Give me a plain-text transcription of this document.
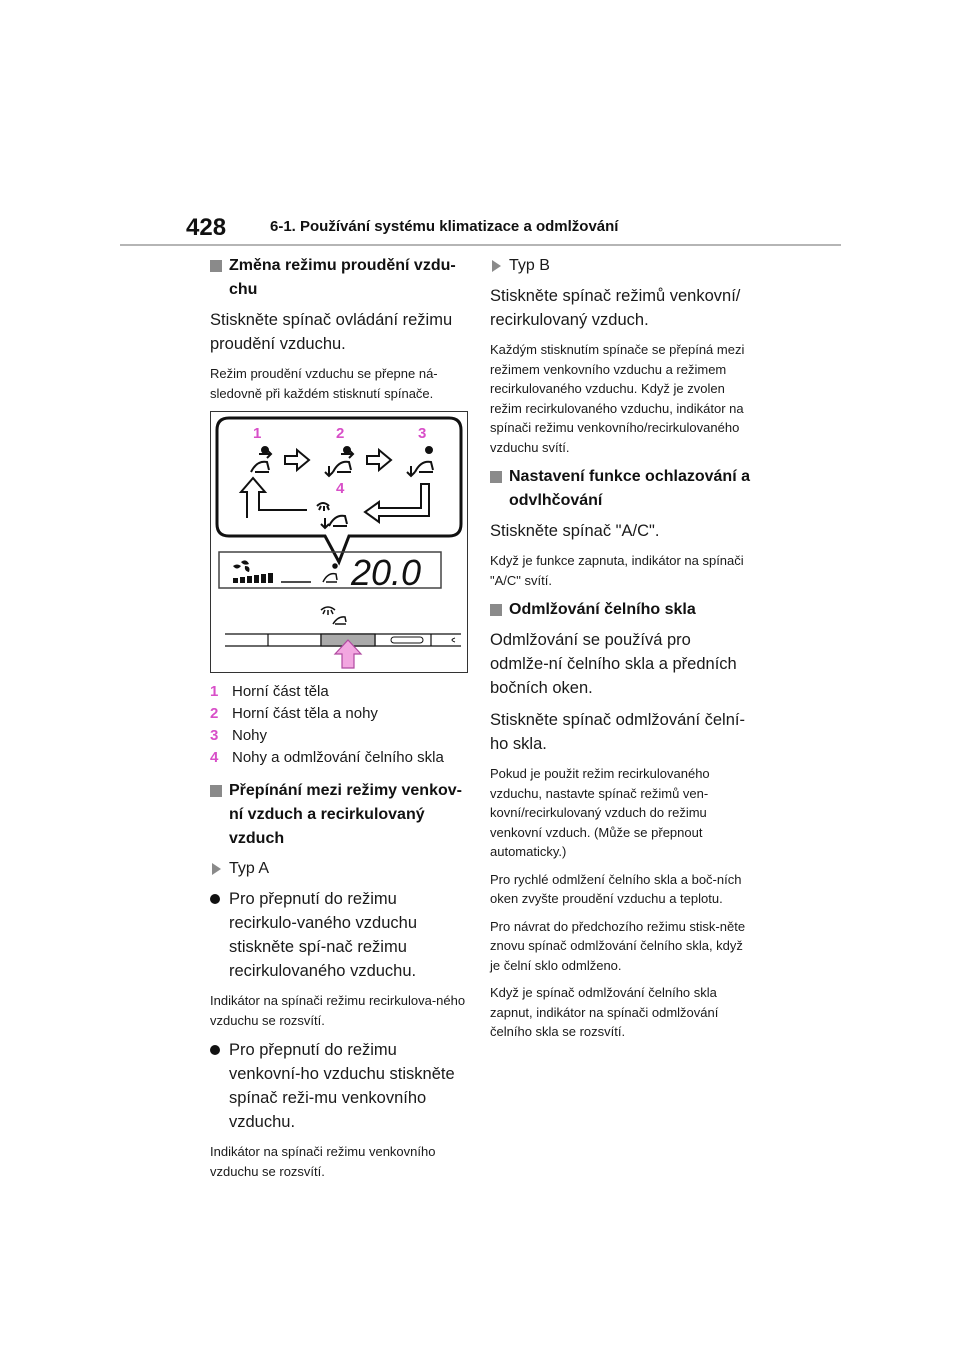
428	6-1. Používání systému klimatizace a odmlžování
Změna režimu proudění vzdu-chu

Stiskněte spínač ovládání režimu proudění vzduchu.

Režim proudění vzduchu se přepne ná-sledovně při každém stisknutí spínače.

1	2	3
4
20.0
1 Horní část těla
2 Horní část těla a nohy
3 Nohy
4 Nohy a odmlžování čelního skla
Přepínání mezi režimy venkov-ní vzduch a recirkulovaný vzduch
Typ A
Pro přepnutí do režimu recirkulo-vaného vzduchu stiskněte spí-nač režimu recirkulovaného vzduchu.

Indikátor na spínači režimu recirkulova-ného vzduchu se rozsvítí.

Pro přepnutí do režimu venkovní-ho vzduchu stiskněte spínač reži-mu venkovního vzduchu.

Indikátor na spínači režimu venkovního vzduchu se rozsvítí.

Typ B

Stiskněte spínač režimů venkovní/ recirkulovaný vzduch.

Každým stisknutím spínače se přepíná mezi režimem venkovního vzduchu a režimem recirkulovaného vzduchu. Když je zvolen režim recirkulovaného vzduchu, indikátor na spínači režimu venkovního/recirkulovaného vzduchu svítí.

Nastavení funkce ochlazování a odvlhčování

Stiskněte spínač "A/C".

Když je funkce zapnuta, indikátor na spínači "A/C" svítí.

Odmlžování čelního skla

Odmlžování se používá pro odmlže-ní čelního skla a předních bočních oken.

Stiskněte spínač odmlžování čelní-ho skla.

Pokud je použit režim recirkulovaného vzduchu, nastavte spínač režimů ven-kovní/recirkulovaný vzduch do režimu venkovní vzduch. (Může se přepnout automaticky.)

Pro rychlé odmlžení čelního skla a boč-ních oken zvyšte proudění vzduchu a teplotu.

Pro návrat do předchozího režimu stisk-něte znovu spínač odmlžování čelního skla, když je čelní sklo odmlženo.

Když je spínač odmlžování čelního skla zapnut, indikátor na spínači odmlžování čelního skla se rozsvítí.
